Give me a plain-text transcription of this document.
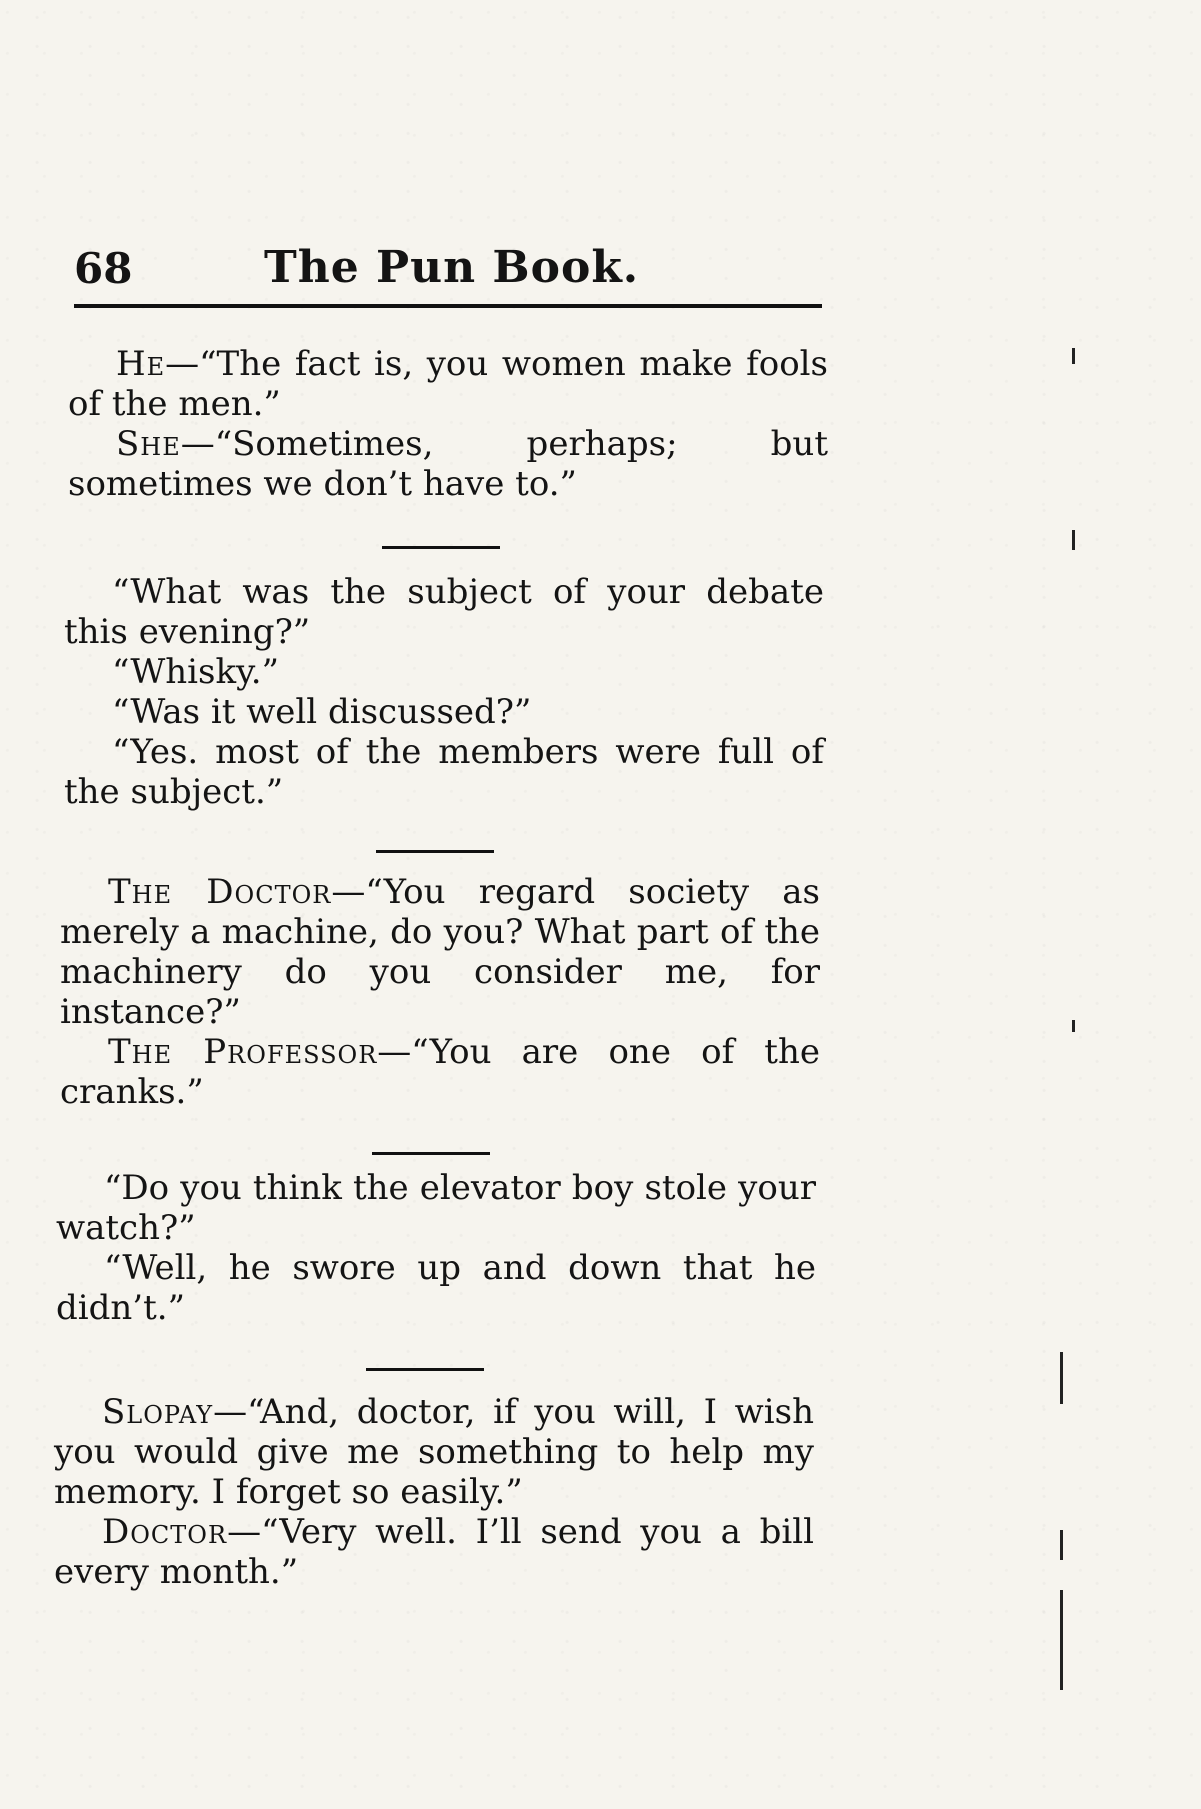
68	The Pun Book.

He—“The fact is, you women make fools of the men.”

She—“Sometimes, perhaps; but sometimes we don’t have to.”

“What was the subject of your debate this evening?”

“Whisky.”

“Was it well discussed?”

“Yes. most of the members were full of the subject.”

The Doctor—“You regard society as merely a machine, do you? What part of the machinery do you consider me, for instance?”

The Professor—“You are one of the cranks.”

“Do you think the elevator boy stole your watch?”

“Well, he swore up and down that he didn’t.”

Slopay—“And, doctor, if you will, I wish you would give me something to help my memory. I forget so easily.”

Doctor—“Very well. I’ll send you a bill every month.”
